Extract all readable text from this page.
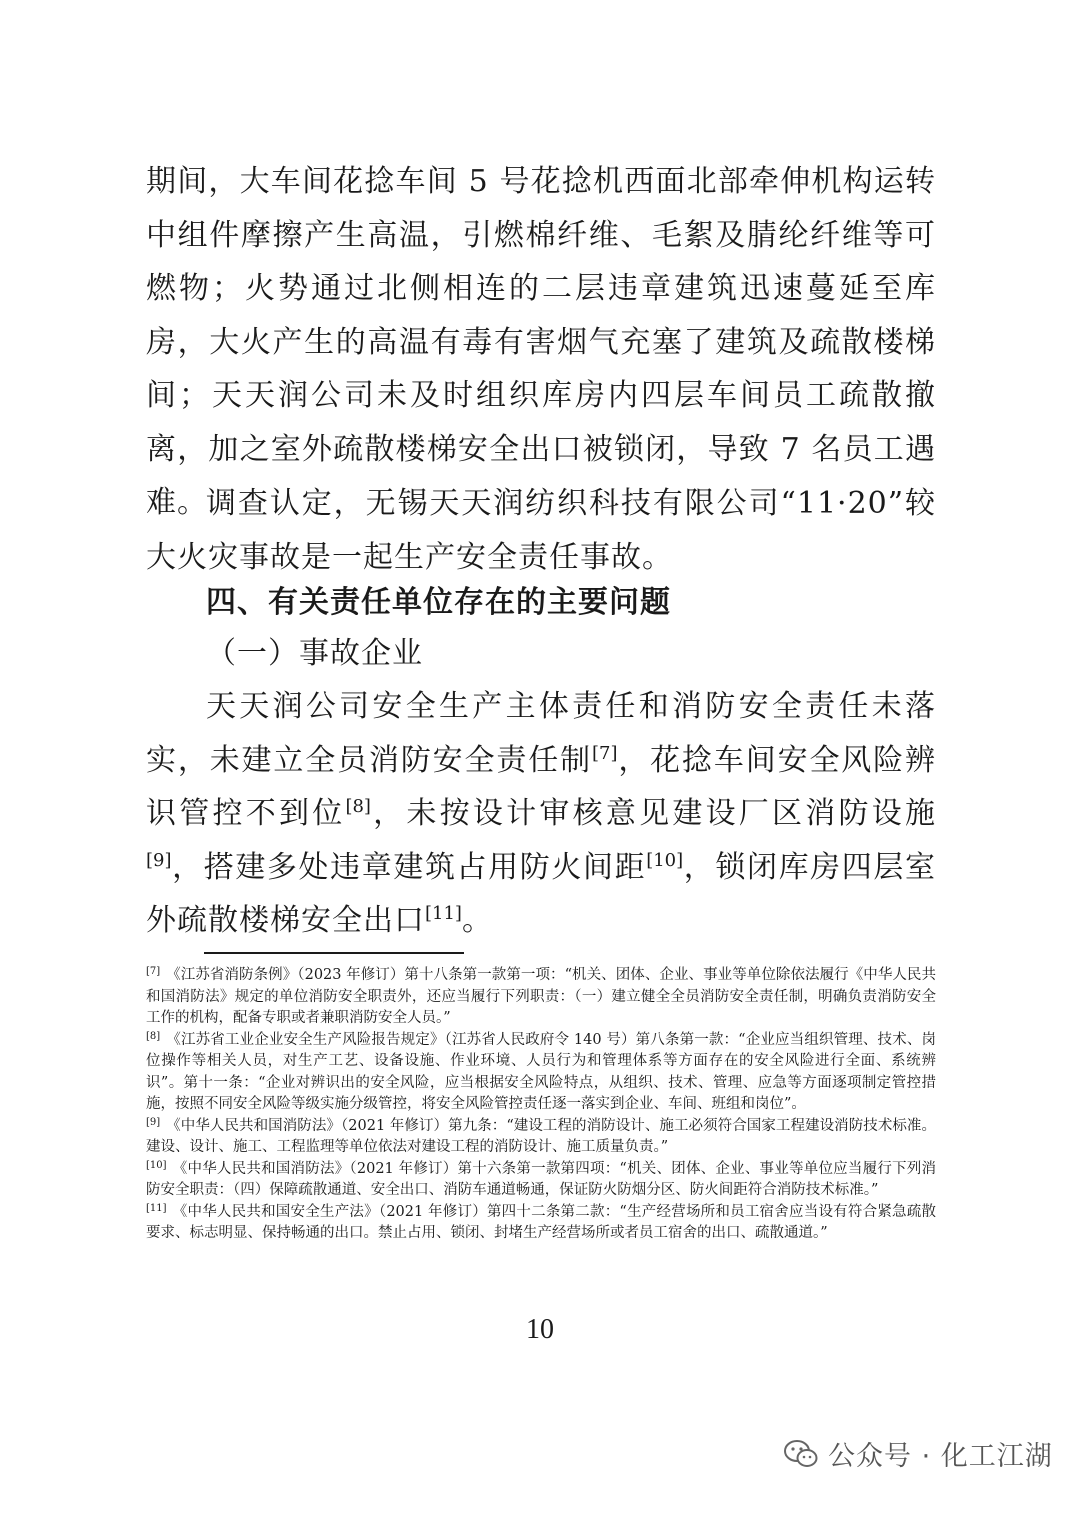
期间，大车间花捻车间 5 号花捻机西面北部牵伸机构运转中组件摩擦产生高温，引燃棉纤维、毛絮及腈纶纤维等可燃物；火势通过北侧相连的二层违章建筑迅速蔓延至库房，大火产生的高温有毒有害烟气充塞了建筑及疏散楼梯间；天天润公司未及时组织库房内四层车间员工疏散撤离，加之室外疏散楼梯安全出口被锁闭，导致 7 名员工遇难。
调查认定，无锡天天润纺织科技有限公司“11·20”较大火灾事故是一起生产安全责任事故。
四、有关责任单位存在的主要问题
（一）事故企业
天天润公司安全生产主体责任和消防安全责任未落实，未建立全员消防安全责任制[7]，花捻车间安全风险辨识管控不到位[8]，未按设计审核意见建设厂区消防设施[9]，搭建多处违章建筑占用防火间距[10]，锁闭库房四层室外疏散楼梯安全出口[11]。
[7] 《江苏省消防条例》（2023 年修订）第十八条第一款第一项：“机关、团体、企业、事业等单位除依法履行《中华人民共和国消防法》规定的单位消防安全职责外，还应当履行下列职责：（一）建立健全全员消防安全责任制，明确负责消防安全工作的机构，配备专职或者兼职消防安全人员。”
[8] 《江苏省工业企业安全生产风险报告规定》（江苏省人民政府令 140 号）第八条第一款：“企业应当组织管理、技术、岗位操作等相关人员，对生产工艺、设备设施、作业环境、人员行为和管理体系等方面存在的安全风险进行全面、系统辨识”。第十一条：“企业对辨识出的安全风险，应当根据安全风险特点，从组织、技术、管理、应急等方面逐项制定管控措施，按照不同安全风险等级实施分级管控，将安全风险管控责任逐一落实到企业、车间、班组和岗位”。
[9] 《中华人民共和国消防法》（2021 年修订）第九条：“建设工程的消防设计、施工必须符合国家工程建设消防技术标准。建设、设计、施工、工程监理等单位依法对建设工程的消防设计、施工质量负责。”
[10] 《中华人民共和国消防法》（2021 年修订）第十六条第一款第四项：“机关、团体、企业、事业等单位应当履行下列消防安全职责：（四）保障疏散通道、安全出口、消防车通道畅通，保证防火防烟分区、防火间距符合消防技术标准。”
[11] 《中华人民共和国安全生产法》（2021 年修订）第四十二条第二款：“生产经营场所和员工宿舍应当设有符合紧急疏散要求、标志明显、保持畅通的出口。禁止占用、锁闭、封堵生产经营场所或者员工宿舍的出口、疏散通道。”
10
公众号 · 化工江湖
